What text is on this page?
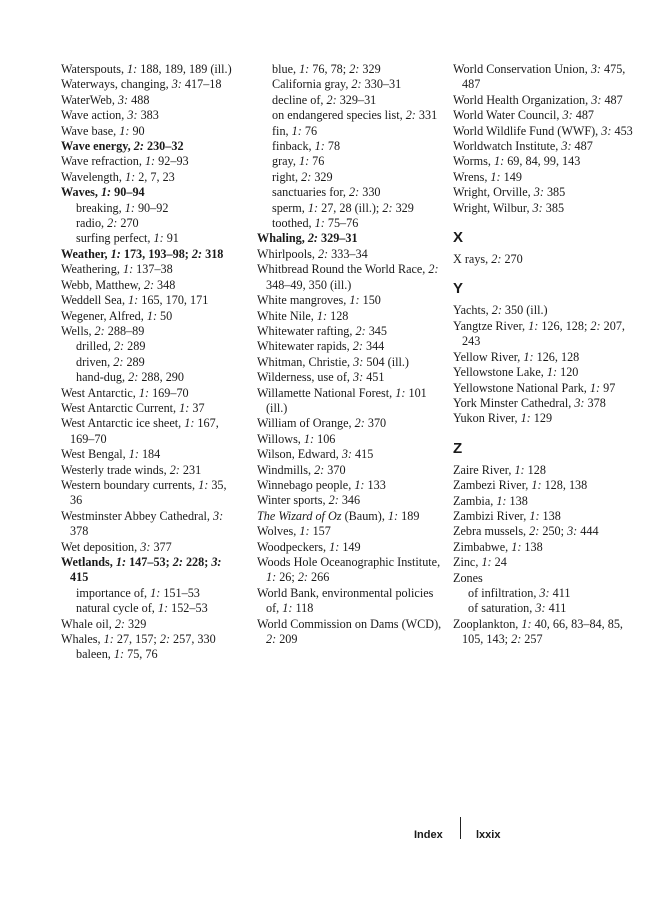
Waterspouts, 1: 188, 189, 189 (ill.)
Waterways, changing, 3: 417–18
WaterWeb, 3: 488
Wave action, 3: 383
Wave base, 1: 90
Wave energy, 2: 230–32
Wave refraction, 1: 92–93
Wavelength, 1: 2, 7, 23
Waves, 1: 90–94
breaking, 1: 90–92
radio, 2: 270
surfing perfect, 1: 91
Weather, 1: 173, 193–98; 2: 318
Weathering, 1: 137–38
Webb, Matthew, 2: 348
Weddell Sea, 1: 165, 170, 171
Wegener, Alfred, 1: 50
Wells, 2: 288–89
drilled, 2: 289
driven, 2: 289
hand-dug, 2: 288, 290
West Antarctic, 1: 169–70
West Antarctic Current, 1: 37
West Antarctic ice sheet, 1: 167, 169–70
West Bengal, 1: 184
Westerly trade winds, 2: 231
Western boundary currents, 1: 35, 36
Westminster Abbey Cathedral, 3: 378
Wet deposition, 3: 377
Wetlands, 1: 147–53; 2: 228; 3: 415
importance of, 1: 151–53
natural cycle of, 1: 152–53
Whale oil, 2: 329
Whales, 1: 27, 157; 2: 257, 330
baleen, 1: 75, 76
blue, 1: 76, 78; 2: 329
California gray, 2: 330–31
decline of, 2: 329–31
on endangered species list, 2: 331
fin, 1: 76
finback, 1: 78
gray, 1: 76
right, 2: 329
sanctuaries for, 2: 330
sperm, 1: 27, 28 (ill.); 2: 329
toothed, 1: 75–76
Whaling, 2: 329–31
Whirlpools, 2: 333–34
Whitbread Round the World Race, 2: 348–49, 350 (ill.)
White mangroves, 1: 150
White Nile, 1: 128
Whitewater rafting, 2: 345
Whitewater rapids, 2: 344
Whitman, Christie, 3: 504 (ill.)
Wilderness, use of, 3: 451
Willamette National Forest, 1: 101 (ill.)
William of Orange, 2: 370
Willows, 1: 106
Wilson, Edward, 3: 415
Windmills, 2: 370
Winnebago people, 1: 133
Winter sports, 2: 346
The Wizard of Oz (Baum), 1: 189
Wolves, 1: 157
Woodpeckers, 1: 149
Woods Hole Oceanographic Institute, 1: 26; 2: 266
World Bank, environmental policies of, 1: 118
World Commission on Dams (WCD), 2: 209
World Conservation Union, 3: 475, 487
World Health Organization, 3: 487
World Water Council, 3: 487
World Wildlife Fund (WWF), 3: 453
Worldwatch Institute, 3: 487
Worms, 1: 69, 84, 99, 143
Wrens, 1: 149
Wright, Orville, 3: 385
Wright, Wilbur, 3: 385
X
X rays, 2: 270
Y
Yachts, 2: 350 (ill.)
Yangtze River, 1: 126, 128; 2: 207, 243
Yellow River, 1: 126, 128
Yellowstone Lake, 1: 120
Yellowstone National Park, 1: 97
York Minster Cathedral, 3: 378
Yukon River, 1: 129
Z
Zaire River, 1: 128
Zambezi River, 1: 128, 138
Zambia, 1: 138
Zambizi River, 1: 138
Zebra mussels, 2: 250; 3: 444
Zimbabwe, 1: 138
Zinc, 1: 24
Zones
of infiltration, 3: 411
of saturation, 3: 411
Zooplankton, 1: 40, 66, 83–84, 85, 105, 143; 2: 257
Index	lxxix
